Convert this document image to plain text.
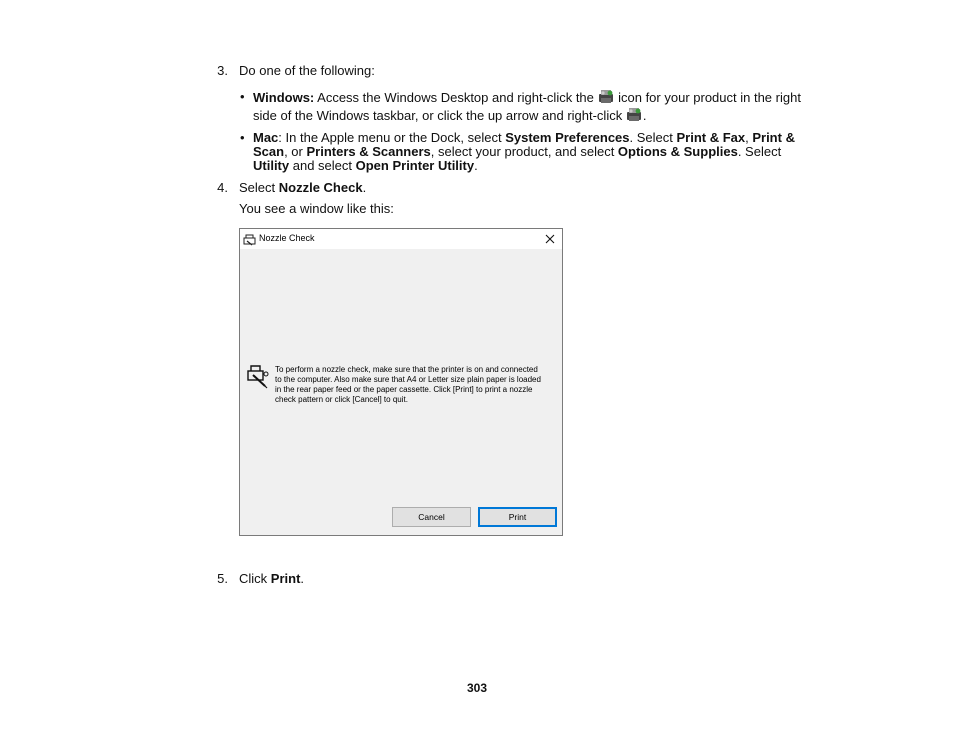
3. Do one of the following:
• Windows: Access the Windows Desktop and right-click the  icon for your product in the right
side of the Windows taskbar, or click the up arrow and right-click .
• Mac: In the Apple menu or the Dock, select System Preferences. Select Print & Fax, Print &
Scan, or Printers & Scanners, select your product, and select Options & Supplies. Select
Utility and select Open Printer Utility.
4. Select Nozzle Check.
You see a window like this:
Nozzle Check
To perform a nozzle check, make sure that the printer is on and connected to the computer. Also make sure that A4 or Letter size plain paper is loaded in the rear paper feed or the paper cassette. Click [Print] to print a nozzle check pattern or click [Cancel] to quit.
Cancel	Print
5. Click Print.
303
